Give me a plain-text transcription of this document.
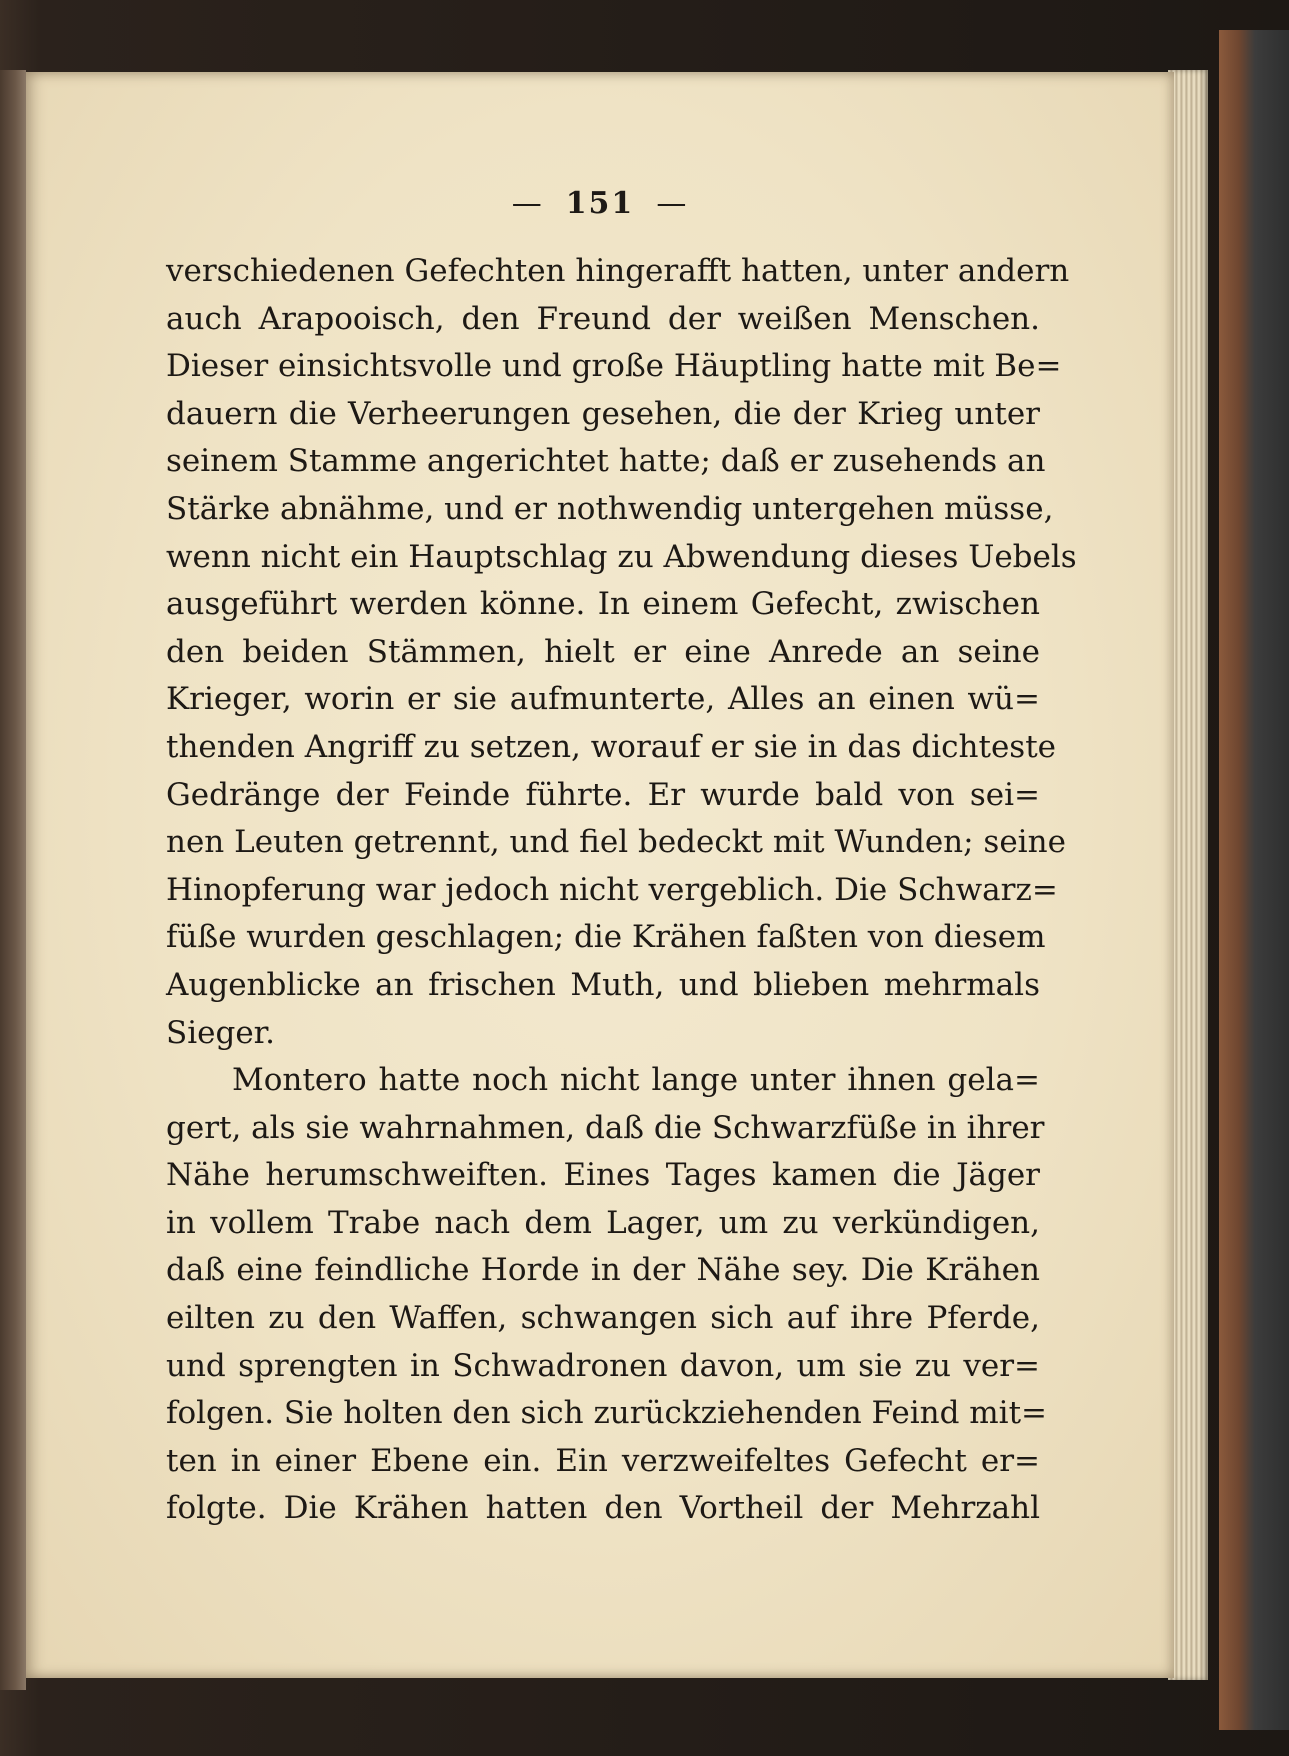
— 151 —
verschiedenen Gefechten hingerafft hatten, unter andern
auch Arapooisch, den Freund der weißen Menschen.
Dieser einsichtsvolle und große Häuptling hatte mit Be=
dauern die Verheerungen gesehen, die der Krieg unter
seinem Stamme angerichtet hatte; daß er zusehends an
Stärke abnähme, und er nothwendig untergehen müsse,
wenn nicht ein Hauptschlag zu Abwendung dieses Uebels
ausgeführt werden könne. In einem Gefecht, zwischen
den beiden Stämmen, hielt er eine Anrede an seine
Krieger, worin er sie aufmunterte, Alles an einen wü=
thenden Angriff zu setzen, worauf er sie in das dichteste
Gedränge der Feinde führte. Er wurde bald von sei=
nen Leuten getrennt, und fiel bedeckt mit Wunden; seine
Hinopferung war jedoch nicht vergeblich. Die Schwarz=
füße wurden geschlagen; die Krähen faßten von diesem
Augenblicke an frischen Muth, und blieben mehrmals
Sieger.
Montero hatte noch nicht lange unter ihnen gela=
gert, als sie wahrnahmen, daß die Schwarzfüße in ihrer
Nähe herumschweiften. Eines Tages kamen die Jäger
in vollem Trabe nach dem Lager, um zu verkündigen,
daß eine feindliche Horde in der Nähe sey. Die Krähen
eilten zu den Waffen, schwangen sich auf ihre Pferde,
und sprengten in Schwadronen davon, um sie zu ver=
folgen. Sie holten den sich zurückziehenden Feind mit=
ten in einer Ebene ein. Ein verzweifeltes Gefecht er=
folgte. Die Krähen hatten den Vortheil der Mehrzahl
